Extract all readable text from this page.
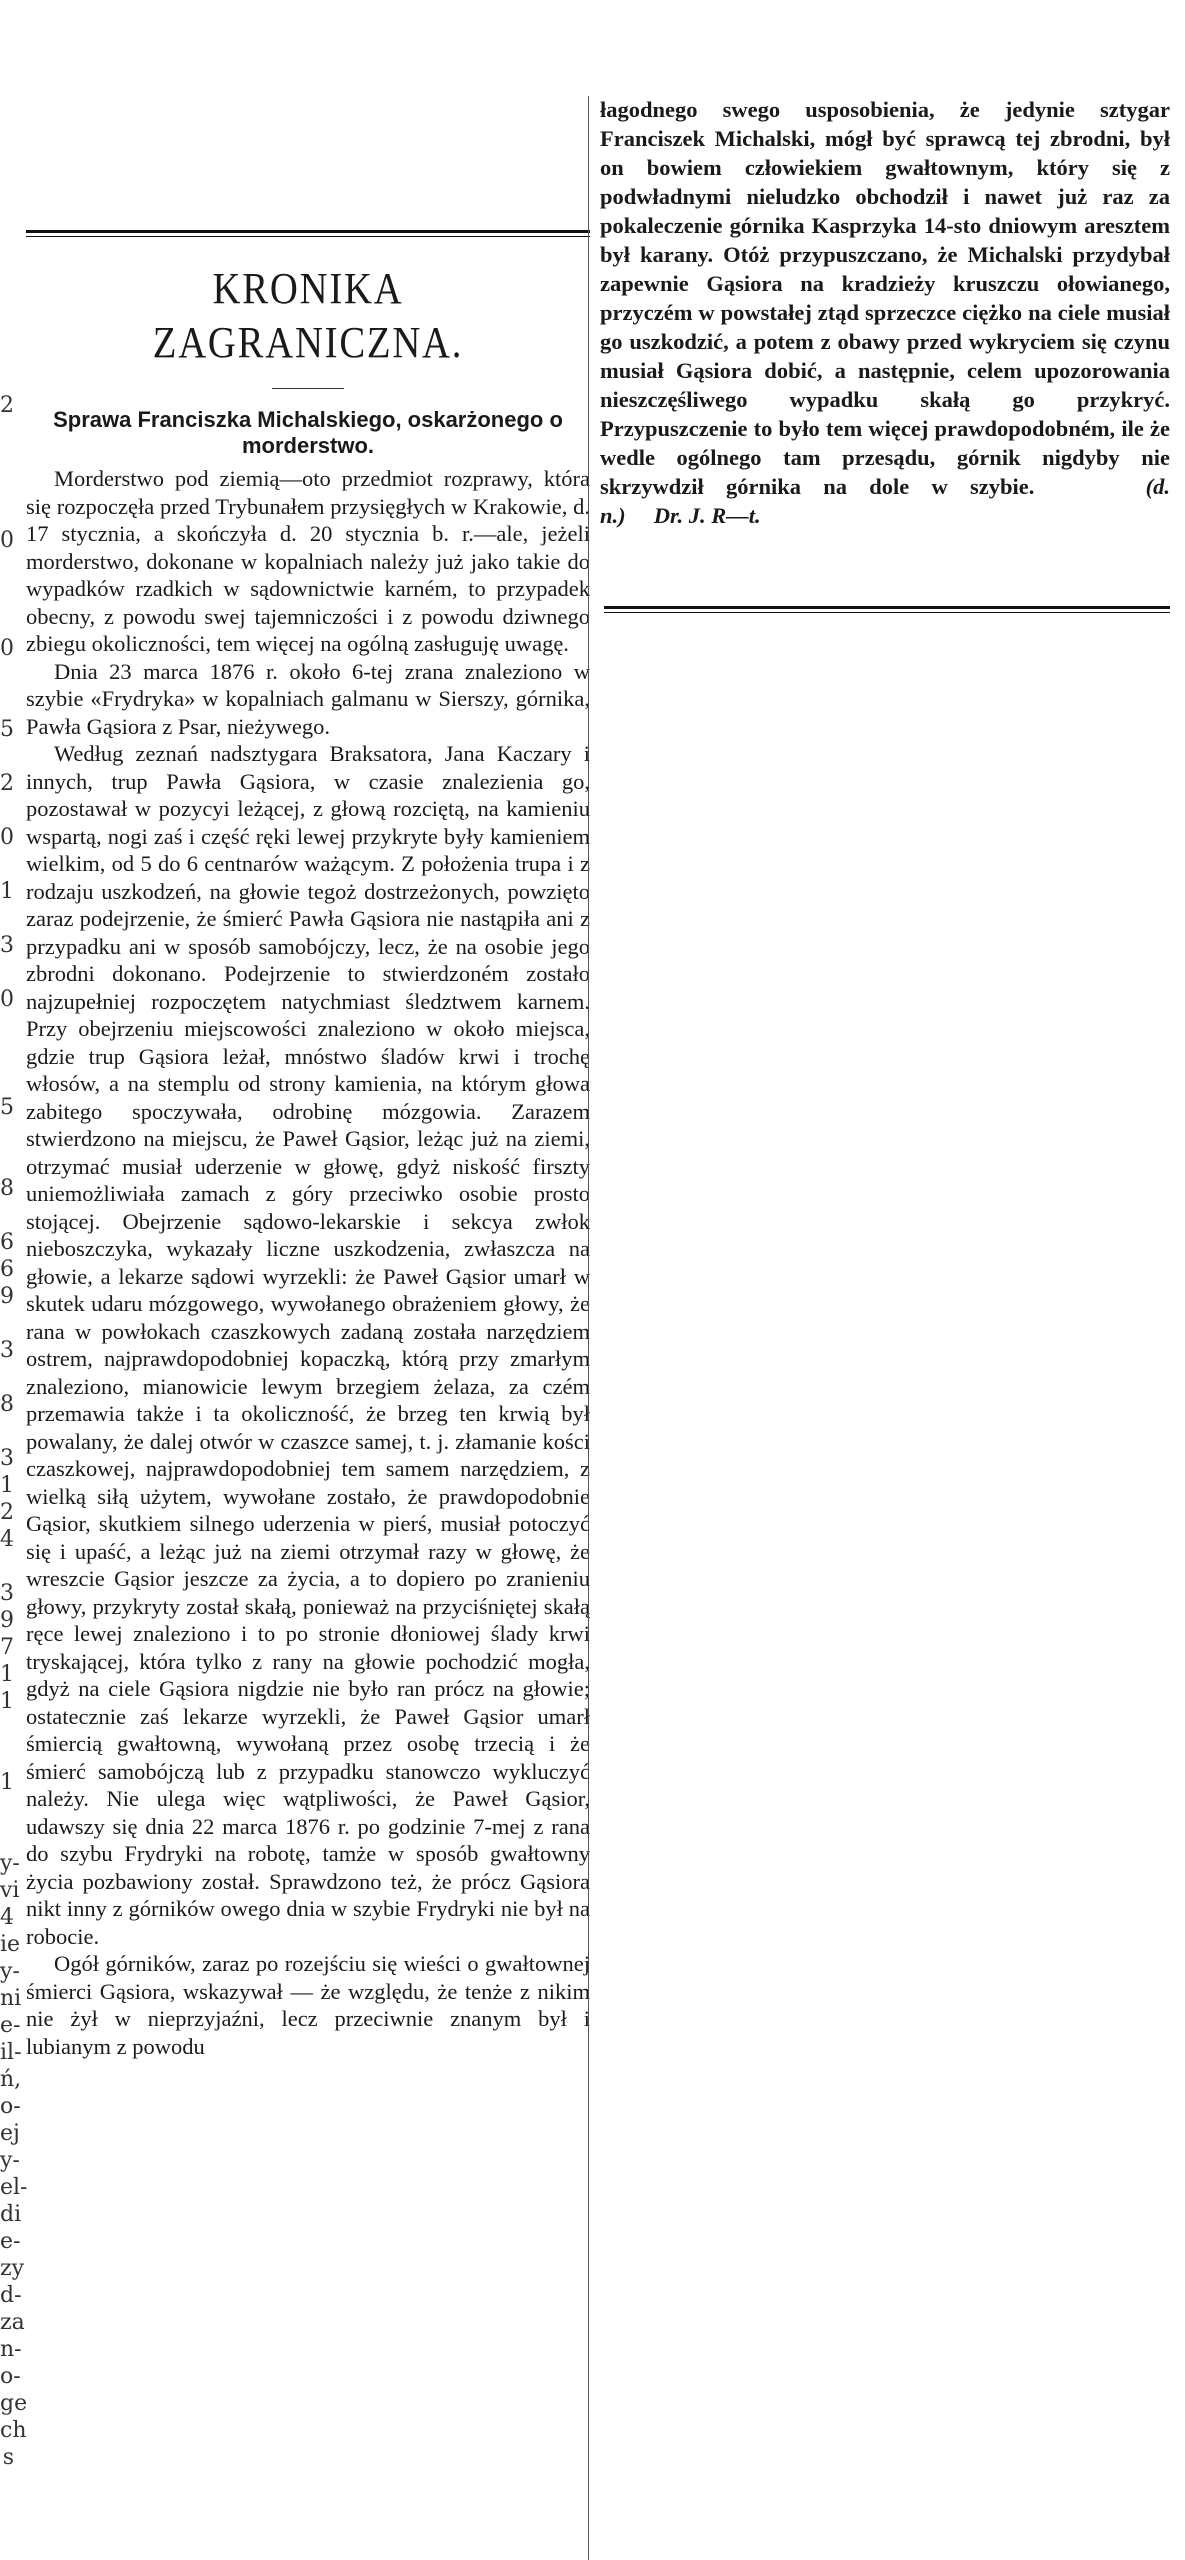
2
0
0
5
2
0
1
3
0
5
8
6
6
9
3
8
3
1
2
4
3
9
7
1
1
1
y-
vi
4
ie
y-
ni
e-
il-
ń,
o-
ej
y-
el-
di
e-
zy
d-
za
n-
o-
ge
ch
s
KRONIKA ZAGRANICZNA.
Sprawa Franciszka Michalskiego, oskarżonego o morderstwo.

Morderstwo pod ziemią—oto przedmiot rozprawy, która się rozpoczęła przed Trybunałem przysięgłych w Krakowie, d. 17 stycznia, a skończyła d. 20 stycznia b. r.—ale, jeżeli morderstwo, dokonane w kopalniach należy już jako takie do wypadków rzadkich w sądownictwie karném, to przypadek obecny, z powodu swej tajemniczości i z powodu dziwnego zbiegu okoliczności, tem więcej na ogólną zasługuję uwagę.

Dnia 23 marca 1876 r. około 6-tej zrana znaleziono w szybie «Frydryka» w kopalniach galmanu w Sierszy, górnika, Pawła Gąsiora z Psar, nieżywego.

Według zeznań nadsztygara Braksatora, Jana Kaczary i innych, trup Pawła Gąsiora, w czasie znalezienia go, pozostawał w pozycyi leżącej, z głową rozciętą, na kamieniu wspartą, nogi zaś i część ręki lewej przykryte były kamieniem wielkim, od 5 do 6 centnarów ważącym. Z położenia trupa i z rodzaju uszkodzeń, na głowie tegoż dostrzeżonych, powzięto zaraz podejrzenie, że śmierć Pawła Gąsiora nie nastąpiła ani z przypadku ani w sposób samobójczy, lecz, że na osobie jego zbrodni dokonano. Podejrzenie to stwierdzoném zostało najzupełniej rozpoczętem natychmiast śledztwem karnem. Przy obejrzeniu miejscowości znaleziono w około miejsca, gdzie trup Gąsiora leżał, mnóstwo śladów krwi i trochę włosów, a na stemplu od strony kamienia, na którym głowa zabitego spoczywała, odrobinę mózgowia. Zarazem stwierdzono na miejscu, że Paweł Gąsior, leżąc już na ziemi, otrzymać musiał uderzenie w głowę, gdyż niskość firszty uniemożliwiała zamach z góry przeciwko osobie prosto stojącej. Obejrzenie sądowo-lekarskie i sekcya zwłok nieboszczyka, wykazały liczne uszkodzenia, zwłaszcza na głowie, a lekarze sądowi wyrzekli: że Paweł Gąsior umarł w skutek udaru mózgowego, wywołanego obrażeniem głowy, że rana w powłokach czaszkowych zadaną została narzędziem ostrem, najprawdopodobniej kopaczką, którą przy zmarłym znaleziono, mianowicie lewym brzegiem żelaza, za czém przemawia także i ta okoliczność, że brzeg ten krwią był powalany, że dalej otwór w czaszce samej, t. j. złamanie kości czaszkowej, najprawdopodobniej tem samem narzędziem, z wielką siłą użytem, wywołane zostało, że prawdopodobnie Gąsior, skutkiem silnego uderzenia w pierś, musiał potoczyć się i upaść, a leżąc już na ziemi otrzymał razy w głowę, że wreszcie Gąsior jeszcze za życia, a to dopiero po zranieniu głowy, przykryty został skałą, ponieważ na przyciśniętej skałą ręce lewej znaleziono i to po stronie dłoniowej ślady krwi tryskającej, która tylko z rany na głowie pochodzić mogła, gdyż na ciele Gąsiora nigdzie nie było ran prócz na głowie; ostatecznie zaś lekarze wyrzekli, że Paweł Gąsior umarł śmiercią gwałtowną, wywołaną przez osobę trzecią i że śmierć samobójczą lub z przypadku stanowczo wykluczyć należy. Nie ulega więc wątpliwości, że Paweł Gąsior, udawszy się dnia 22 marca 1876 r. po godzinie 7-mej z rana do szybu Frydryki na robotę, tamże w sposób gwałtowny życia pozbawiony został. Sprawdzono też, że prócz Gąsiora nikt inny z górników owego dnia w szybie Frydryki nie był na robocie.

Ogół górników, zaraz po rozejściu się wieści o gwałtownej śmierci Gąsiora, wskazywał — że względu, że tenże z nikim nie żył w nieprzyjaźni, lecz przeciwnie znanym był i lubianym z powodu

łagodnego swego usposobienia, że jedynie sztygar Franciszek Michalski, mógł być sprawcą tej zbrodni, był on bowiem człowiekiem gwałtownym, który się z podwładnymi nieludzko obchodził i nawet już raz za pokaleczenie górnika Kasprzyka 14-sto dniowym aresztem był karany. Otóż przypuszczano, że Michalski przydybał zapewnie Gąsiora na kradzieży kruszczu ołowianego, przyczém w powstałej ztąd sprzeczce ciężko na ciele musiał go uszkodzić, a potem z obawy przed wykryciem się czynu musiał Gąsiora dobić, a następnie, celem upozorowania nieszczęśliwego wypadku skałą go przykryć. Przypuszczenie to było tem więcej prawdopodobném, ile że wedle ogólnego tam przesądu, górnik nigdyby nie skrzywdził górnika na dole w szybie.	(d. n.) Dr. J. R—t.
